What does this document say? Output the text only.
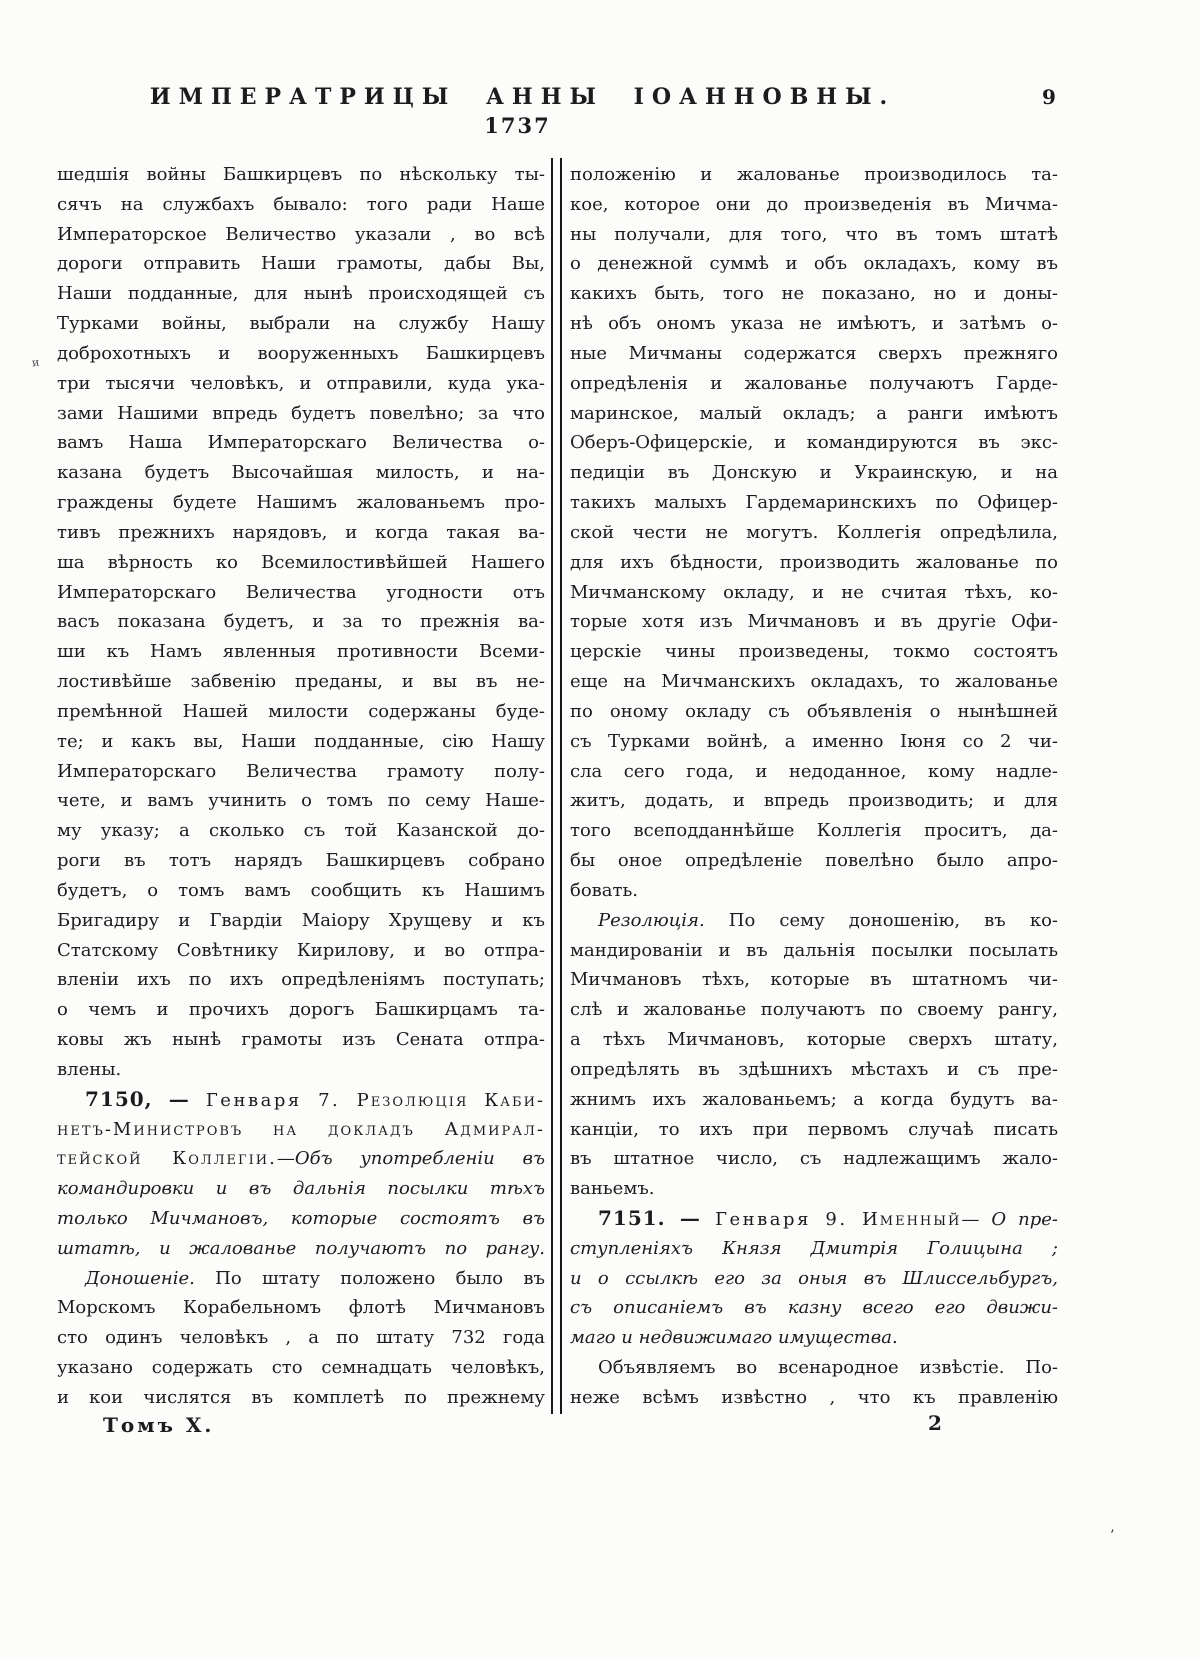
ИМПЕРАТРИЦЫ АННЫ ІОАННОВНЫ.	9
1737
шедшія войны Башкирцевъ по нѣскольку ты-
сячъ на службахъ бывало: того ради Наше
Императорское Величество указали , во всѣ
дороги отправить Наши грамоты, дабы Вы,
Наши подданные, для нынѣ происходящей съ
Турками войны, выбрали на службу Нашу
доброхотныхъ и вооруженныхъ Башкирцевъ
три тысячи человѣкъ, и отправили, куда ука-
зами Нашими впредь будетъ повелѣно; за что
вамъ Наша Императорскаго Величества о-
казана будетъ Высочайшая милость, и на-
граждены будете Нашимъ жалованьемъ про-
тивъ прежнихъ нарядовъ, и когда такая ва-
ша вѣрность ко Всемилостивѣйшей Нашего
Императорскаго Величества угодности отъ
васъ показана будетъ, и за то прежнія ва-
ши къ Намъ явленныя противности Всеми-
лостивѣйше забвенію преданы, и вы въ не-
премѣнной Нашей милости содержаны буде-
те; и какъ вы, Наши подданные, сію Нашу
Императорскаго Величества грамоту полу-
чете, и вамъ учинить о томъ по сему Наше-
му указу; а сколько съ той Казанской до-
роги въ тотъ нарядъ Башкирцевъ собрано
будетъ, о томъ вамъ сообщить къ Нашимъ
Бригадиру и Гвардіи Маіору Хрущеву и къ
Статскому Совѣтнику Кирилову, и во отпра-
вленіи ихъ по ихъ опредѣленіямъ поступать;
о чемъ и прочихъ дорогъ Башкирцамъ та-
ковы жъ нынѣ грамоты изъ Сената отпра-
влены.
7150, — Генваря 7. Резолюція Каби-
нетъ-Министровъ на докладъ Адмирал-
тейской Коллегіи.—Объ употребленіи въ
командировки и въ дальнія посылки тѣхъ
только Мичмановъ, которые состоятъ въ
штатѣ, и жалованье получаютъ по рангу.
Доношеніе. По штату положено было въ
Морскомъ Корабельномъ флотѣ Мичмановъ
сто одинъ человѣкъ , а по штату 732 года
указано содержать сто семнадцать человѣкъ,
и кои числятся въ комплетѣ по прежнему
положенію и жалованье производилось та-
кое, которое они до произведенія въ Мичма-
ны получали, для того, что въ томъ штатѣ
о денежной суммѣ и объ окладахъ, кому въ
какихъ быть, того не показано, но и доны-
нѣ объ ономъ указа не имѣютъ, и затѣмъ о-
ные Мичманы содержатся сверхъ прежняго
опредѣленія и жалованье получаютъ Гарде-
маринское, малый окладъ; а ранги имѣютъ
Оберъ-Офицерскіе, и командируются въ экс-
педиціи въ Донскую и Украинскую, и на
такихъ малыхъ Гардемаринскихъ по Офицер-
ской чести не могутъ. Коллегія опредѣлила,
для ихъ бѣдности, производить жалованье по
Мичманскому окладу, и не считая тѣхъ, ко-
торые хотя изъ Мичмановъ и въ другіе Офи-
церскіе чины произведены, токмо состоятъ
еще на Мичманскихъ окладахъ, то жалованье
по оному окладу съ объявленія о нынѣшней
съ Турками войнѣ, а именно Іюня со 2 чи-
сла сего года, и недоданное, кому надле-
житъ, додать, и впредь производить; и для
того всеподданнѣйше Коллегія проситъ, да-
бы оное опредѣленіе повелѣно было апро-
бовать.
Резолюція. По сему доношенію, въ ко-
мандированіи и въ дальнія посылки посылать
Мичмановъ тѣхъ, которые въ штатномъ чи-
слѣ и жалованье получаютъ по своему рангу,
а тѣхъ Мичмановъ, которые сверхъ штату,
опредѣлять въ здѣшнихъ мѣстахъ и съ пре-
жнимъ ихъ жалованьемъ; а когда будутъ ва-
канціи, то ихъ при первомъ случаѣ писать
въ штатное число, съ надлежащимъ жало-
ваньемъ.
7151. — Генваря 9. Именный— О пре-
ступленіяхъ Князя Дмитрія Голицына ;
и о ссылкѣ его за оныя въ Шлиссельбургъ,
съ описаніемъ въ казну всего его движи-
маго и недвижимаго имущества.
Объявляемъ во всенародное извѣстіе. По-
неже всѣмъ извѣстно , что къ правленію
Томъ X.	2
и
’
